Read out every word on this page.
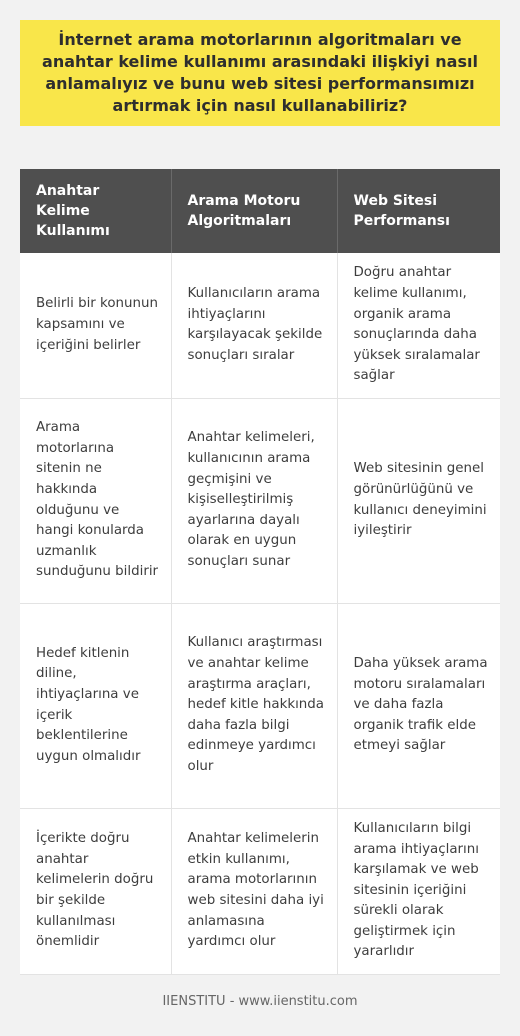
İnternet arama motorlarının algoritmaları ve anahtar kelime kullanımı arasındaki ilişkiyi nasıl anlamalıyız ve bunu web sitesi performansımızı artırmak için nasıl kullanabiliriz?
Anahtar Kelime Kullanımı	Arama Motoru Algoritmaları	Web Sitesi Performansı
Belirli bir konunun kapsamını ve içeriğini belirler	Kullanıcıların arama ihtiyaçlarını karşılayacak şekilde sonuçları sıralar	Doğru anahtar kelime kullanımı, organik arama sonuçlarında daha yüksek sıralamalar sağlar
Arama motorlarına sitenin ne hakkında olduğunu ve hangi konularda uzmanlık sunduğunu bildirir	Anahtar kelimeleri, kullanıcının arama geçmişini ve kişiselleştirilmiş ayarlarına dayalı olarak en uygun sonuçları sunar	Web sitesinin genel görünürlüğünü ve kullanıcı deneyimini iyileştirir
Hedef kitlenin diline, ihtiyaçlarına ve içerik beklentilerine uygun olmalıdır	Kullanıcı araştırması ve anahtar kelime araştırma araçları, hedef kitle hakkında daha fazla bilgi edinmeye yardımcı olur	Daha yüksek arama motoru sıralamaları ve daha fazla organik trafik elde etmeyi sağlar
İçerikte doğru anahtar kelimelerin doğru bir şekilde kullanılması önemlidir	Anahtar kelimelerin etkin kullanımı, arama motorlarının web sitesini daha iyi anlamasına yardımcı olur	Kullanıcıların bilgi arama ihtiyaçlarını karşılamak ve web sitesinin içeriğini sürekli olarak geliştirmek için yararlıdır
IIENSTITU - www.iienstitu.com
